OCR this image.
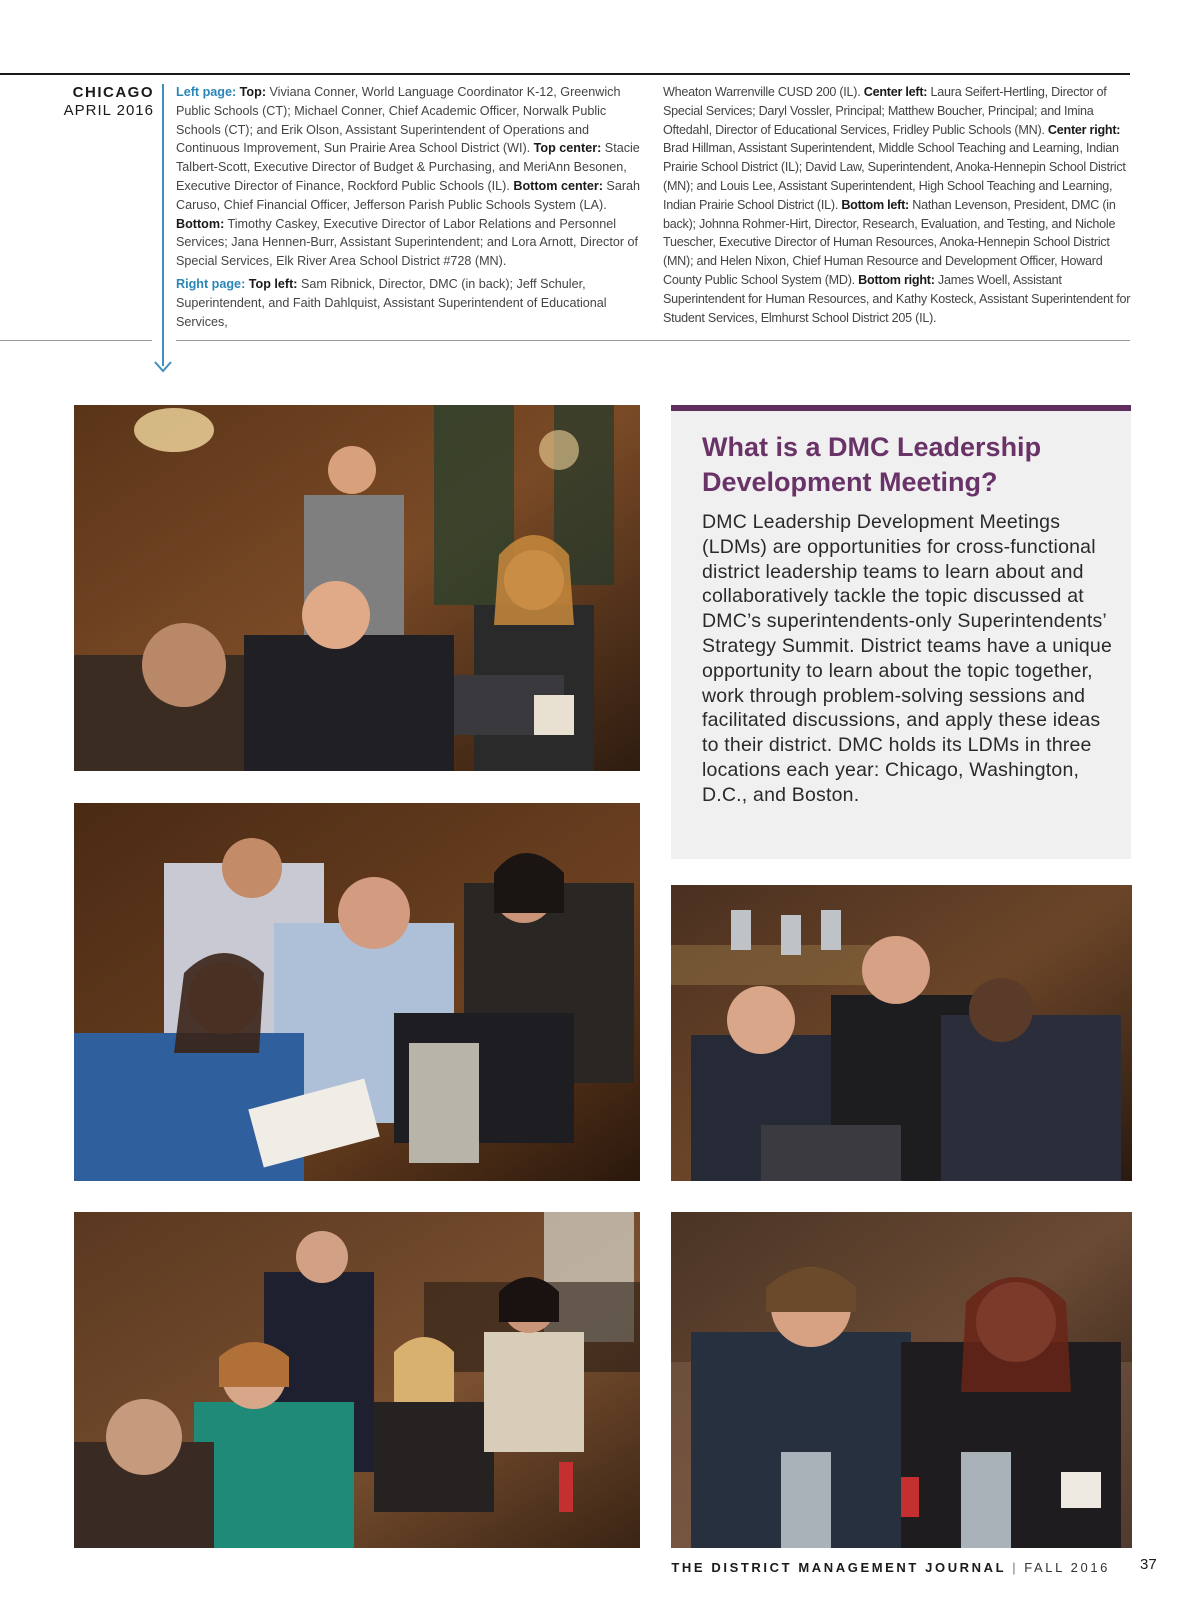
CHICAGO
APRIL 2016

Left page: Top: Viviana Conner, World Language Coordinator K-12, Greenwich Public Schools (CT); Michael Conner, Chief Academic Officer, Norwalk Public Schools (CT); and Erik Olson, Assistant Superintendent of Operations and Continuous Improvement, Sun Prairie Area School District (WI). Top center: Stacie Talbert-Scott, Executive Director of Budget & Purchasing, and MeriAnn Besonen, Executive Director of Finance, Rockford Public Schools (IL). Bottom center: Sarah Caruso, Chief Financial Officer, Jefferson Parish Public Schools System (LA). Bottom: Timothy Caskey, Executive Director of Labor Relations and Personnel Services; Jana Hennen-Burr, Assistant Superintendent; and Lora Arnott, Director of Special Services, Elk River Area School District #728 (MN).

Right page: Top left: Sam Ribnick, Director, DMC (in back); Jeff Schuler, Superintendent, and Faith Dahlquist, Assistant Superintendent of Educational Services,

Wheaton Warrenville CUSD 200 (IL). Center left: Laura Seifert-Hertling, Director of Special Services; Daryl Vossler, Principal; Matthew Boucher, Principal; and Imina Oftedahl, Director of Educational Services, Fridley Public Schools (MN). Center right: Brad Hillman, Assistant Superintendent, Middle School Teaching and Learning, Indian Prairie School District (IL); David Law, Superintendent, Anoka-Hennepin School District (MN); and Louis Lee, Assistant Superintendent, High School Teaching and Learning, Indian Prairie School District (IL). Bottom left: Nathan Levenson, President, DMC (in back); Johnna Rohmer-Hirt, Director, Research, Evaluation, and Testing, and Nichole Tuescher, Executive Director of Human Resources, Anoka-Hennepin School District (MN); and Helen Nixon, Chief Human Resource and Development Officer, Howard County Public School System (MD). Bottom right: James Woell, Assistant Superintendent for Human Resources, and Kathy Kosteck, Assistant Superintendent for Student Services, Elmhurst School District 205 (IL).
What is a DMC Leadership Development Meeting?
DMC Leadership Development Meetings (LDMs) are opportunities for cross-functional district leadership teams to learn about and collaboratively tackle the topic discussed at DMC’s superintendents-only Superintendents’ Strategy Summit. District teams have a unique opportunity to learn about the topic together, work through problem-solving sessions and facilitated discussions, and apply these ideas to their district. DMC holds its LDMs in three locations each year: Chicago, Washington, D.C., and Boston.
THE DISTRICT MANAGEMENT JOURNAL | FALL 2016 37
